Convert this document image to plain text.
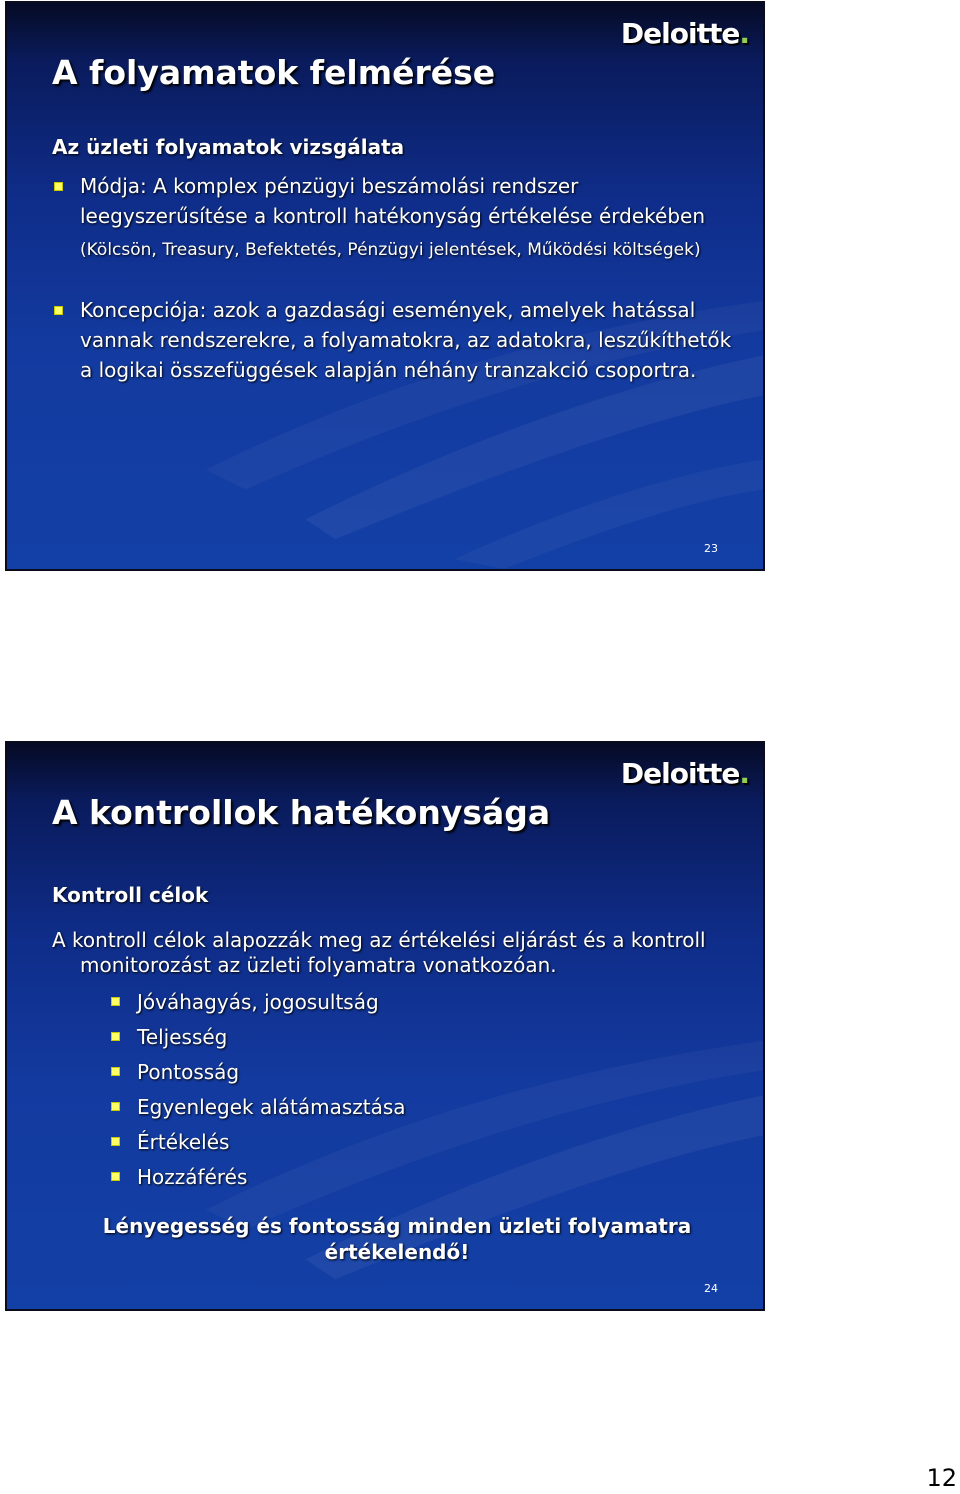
Deloitte.
A folyamatok felmérése
Az üzleti folyamatok vizsgálata
Módja: A komplex pénzügyi beszámolási rendszer leegyszerűsítése a kontroll hatékonyság értékelése érdekében (Kölcsön, Treasury, Befektetés, Pénzügyi jelentések, Működési költségek)
Koncepciója: azok a gazdasági események, amelyek hatással vannak rendszerekre, a folyamatokra, az adatokra, leszűkíthetők a logikai összefüggések alapján néhány tranzakció csoportra.
23
Deloitte.
A kontrollok hatékonysága
Kontroll célok
A kontroll célok alapozzák meg az értékelési eljárást és a kontroll monitorozást az üzleti folyamatra vonatkozóan.
Jóváhagyás, jogosultság
Teljesség
Pontosság
Egyenlegek alátámasztása
Értékelés
Hozzáférés
Lényegesség és fontosság minden üzleti folyamatra értékelendő!
24
12
